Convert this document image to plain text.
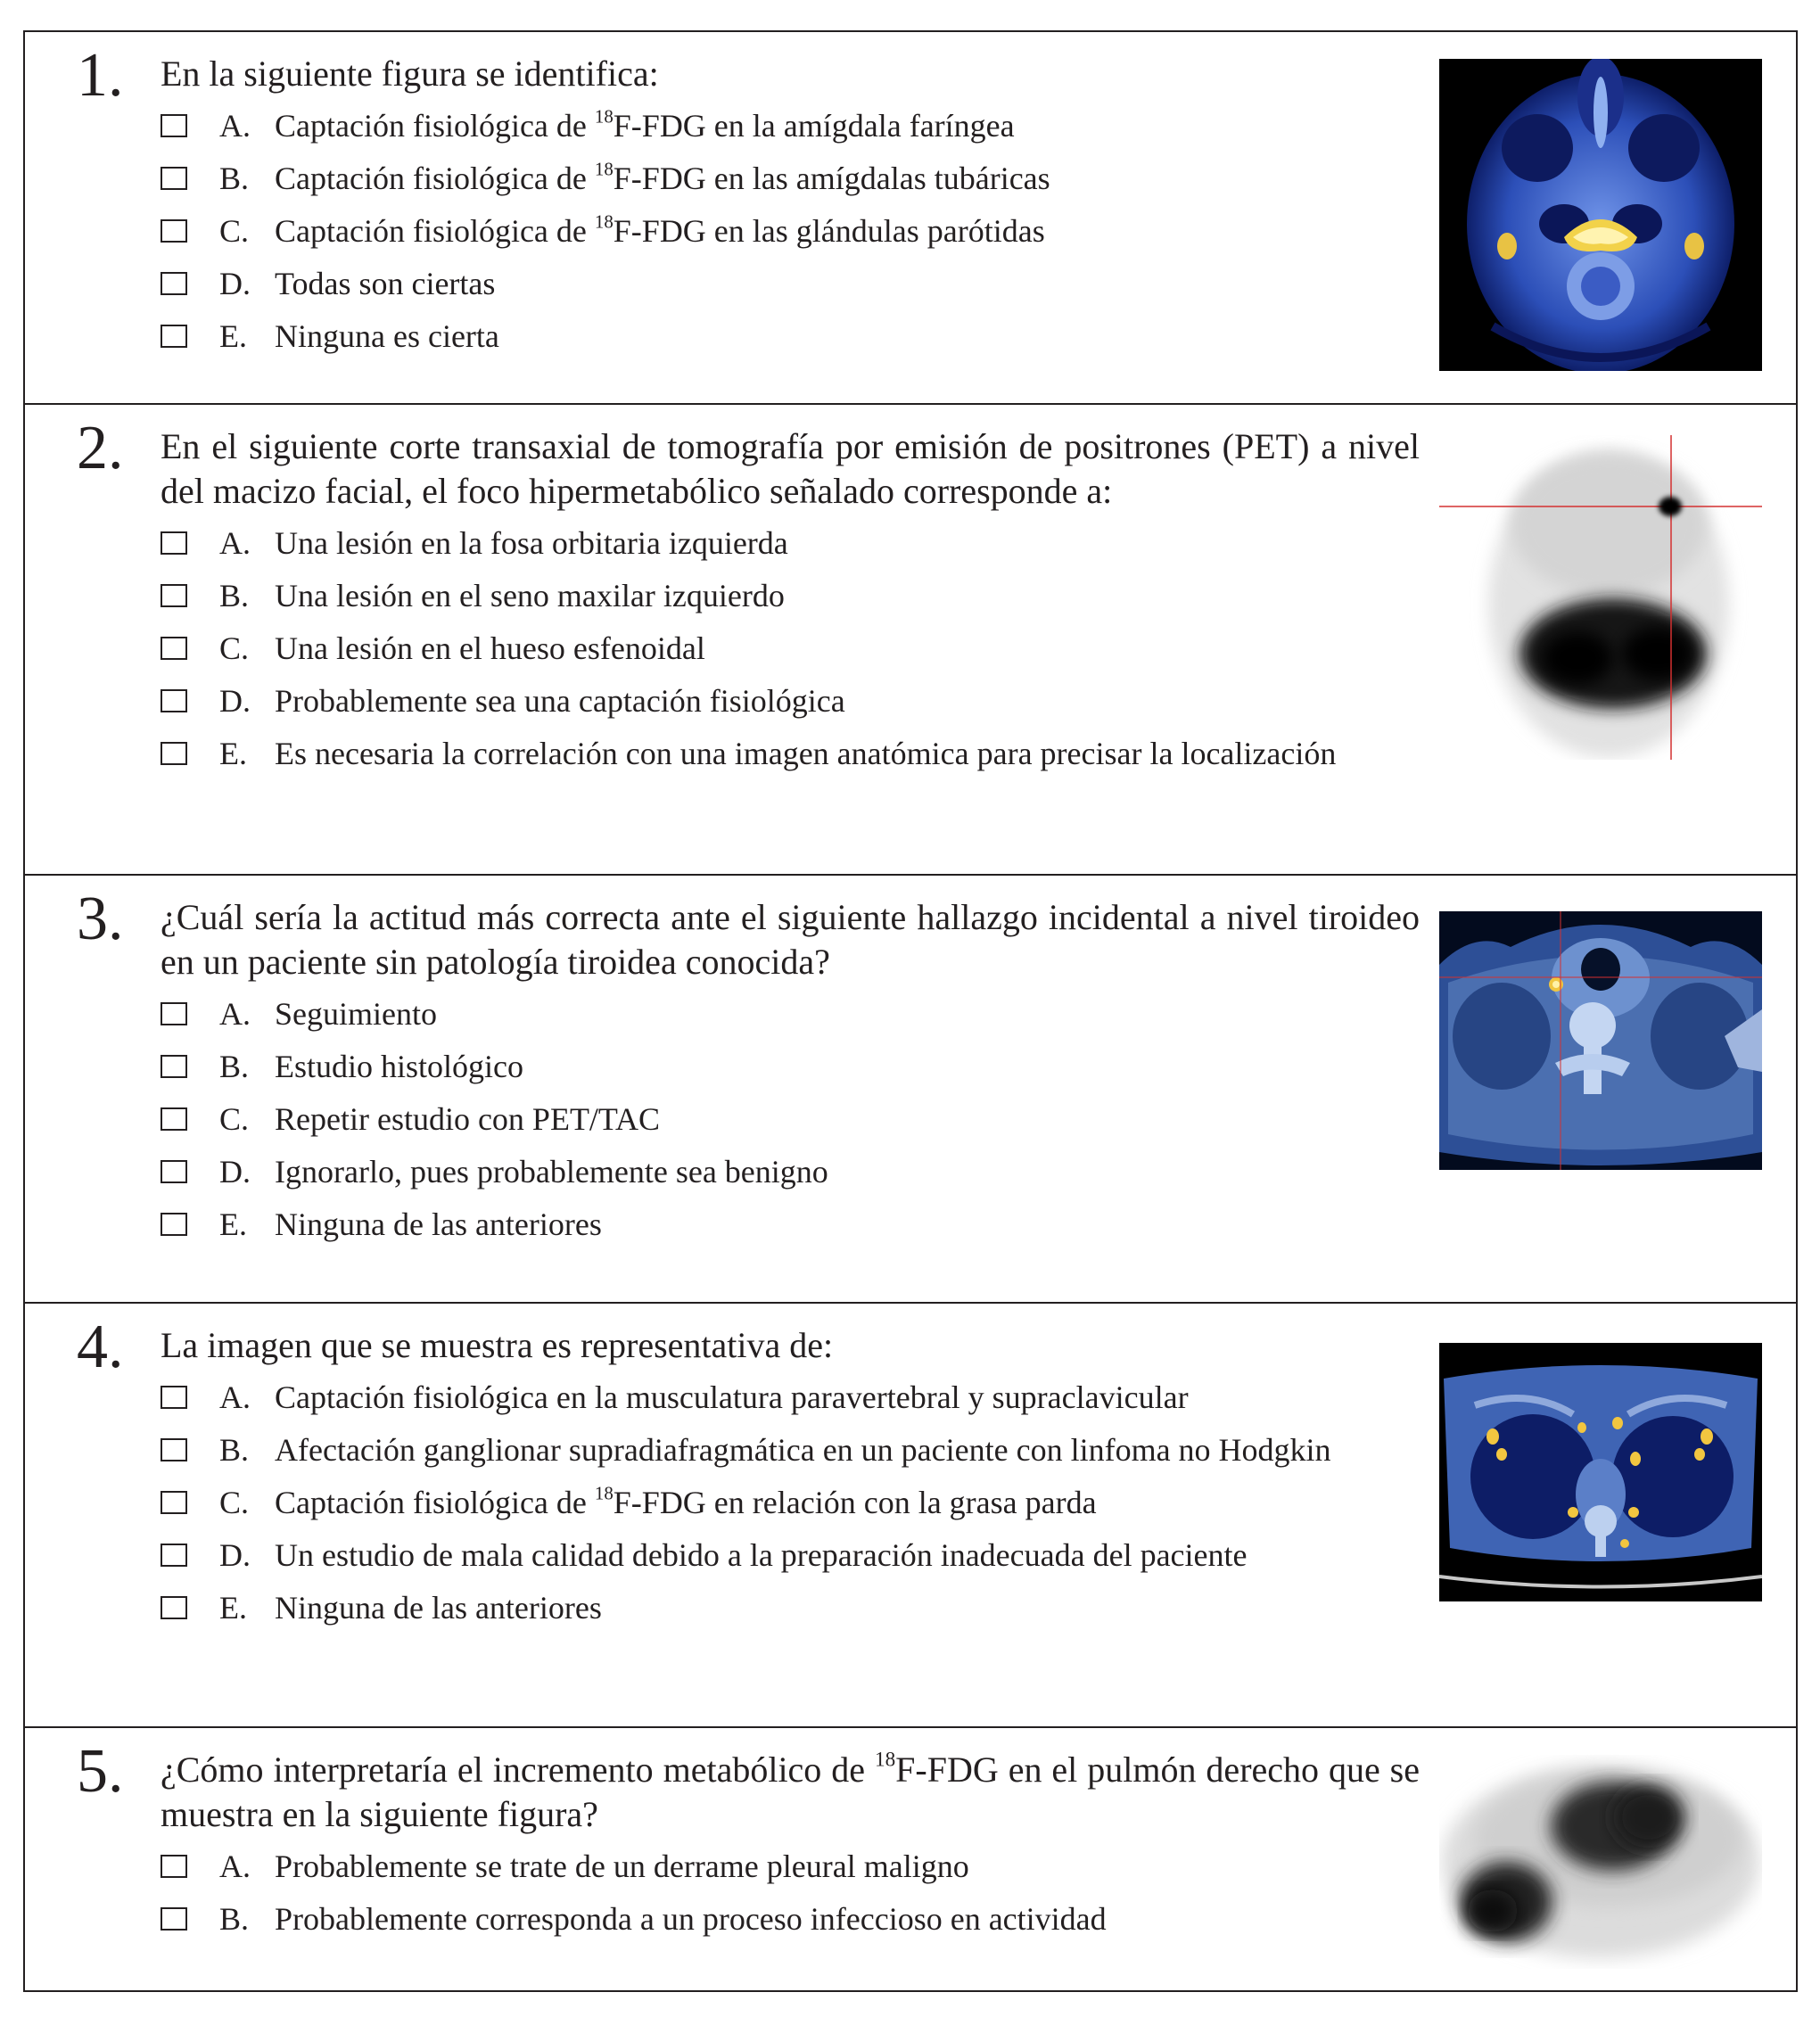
1. En la siguiente figura se identifica:
A. Captación fisiológica de $^{18}$F-FDG en la amígdala faríngea
B. Captación fisiológica de $^{18}$F-FDG en las amígdalas tubáricas
C. Captación fisiológica de $^{18}$F-FDG en las glándulas parótidas
D. Todas son ciertas
E. Ninguna es cierta
2. En el siguiente corte transaxial de tomografía por emisión de positrones (PET) a nivel del macizo facial, el foco hipermetabólico señalado corresponde a:
A. Una lesión en la fosa orbitaria izquierda
B. Una lesión en el seno maxilar izquierdo
C. Una lesión en el hueso esfenoidal
D. Probablemente sea una captación fisiológica
E. Es necesaria la correlación con una imagen anatómica para precisar la localización
3. ¿Cuál sería la actitud más correcta ante el siguiente hallazgo incidental a nivel tiroideo en un paciente sin patología tiroidea conocida?
A. Seguimiento
B. Estudio histológico
C. Repetir estudio con PET/TAC
D. Ignorarlo, pues probablemente sea benigno
E. Ninguna de las anteriores
4. La imagen que se muestra es representativa de:
A. Captación fisiológica en la musculatura paravertebral y supraclavicular
B. Afectación ganglionar supradiafragmática en un paciente con linfoma no Hodgkin
C. Captación fisiológica de $^{18}$F-FDG en relación con la grasa parda
D. Un estudio de mala calidad debido a la preparación inadecuada del paciente
E. Ninguna de las anteriores
5. ¿Cómo interpretaría el incremento metabólico de $^{18}$F-FDG en el pulmón derecho que se muestra en la siguiente figura?
A. Probablemente se trate de un derrame pleural maligno
B. Probablemente corresponda a un proceso infeccioso en actividad
